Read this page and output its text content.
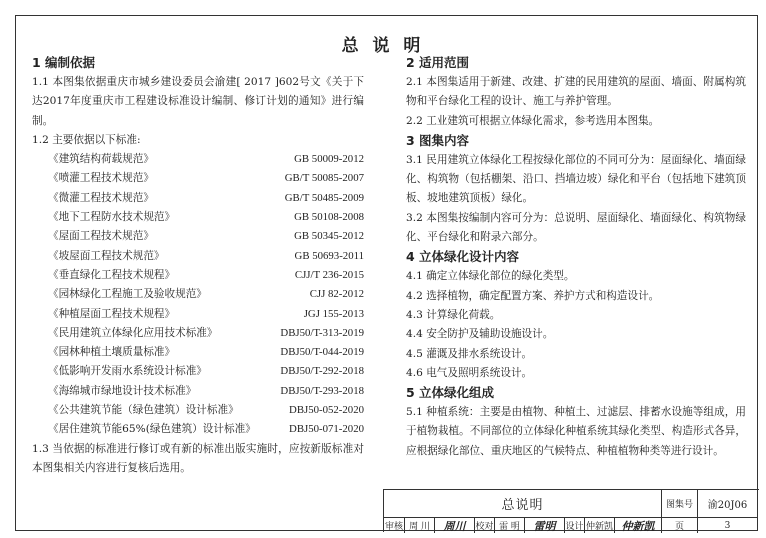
总 说 明
1 编制依据
1.1 本图集依据重庆市城乡建设委员会渝建[ 2017 ]602号文《关于下达2017年度重庆市工程建设标准设计编制、修订计划的通知》进行编制。
1.2 主要依据以下标准:
《建筑结构荷载规范》	GB 50009-2012
《喷灌工程技术规范》	GB/T 50085-2007
《微灌工程技术规范》	GB/T 50485-2009
《地下工程防水技术规范》	GB 50108-2008
《屋面工程技术规范》	GB 50345-2012
《坡屋面工程技术规范》	GB 50693-2011
《垂直绿化工程技术规程》	CJJ/T 236-2015
《园林绿化工程施工及验收规范》	CJJ 82-2012
《种植屋面工程技术规程》	JGJ 155-2013
《民用建筑立体绿化应用技术标准》	DBJ50/T-313-2019
《园林种植土壤质量标准》	DBJ50/T-044-2019
《低影响开发雨水系统设计标准》	DBJ50/T-292-2018
《海绵城市绿地设计技术标准》	DBJ50/T-293-2018
《公共建筑节能（绿色建筑）设计标准》	DBJ50-052-2020
《居住建筑节能65%(绿色建筑）设计标准》	DBJ50-071-2020
1.3 当依据的标准进行修订或有新的标准出版实施时，应按新版标准对本图集相关内容进行复核后选用。
2 适用范围
2.1 本图集适用于新建、改建、扩建的民用建筑的屋面、墙面、附属构筑物和平台绿化工程的设计、施工与养护管理。
2.2 工业建筑可根据立体绿化需求，参考选用本图集。
3 图集内容
3.1 民用建筑立体绿化工程按绿化部位的不同可分为：屋面绿化、墙面绿化、构筑物（包括棚架、沿口、挡墙边坡）绿化和平台（包括地下建筑顶板、坡地建筑顶板）绿化。
3.2 本图集按编制内容可分为：总说明、屋面绿化、墙面绿化、构筑物绿化、平台绿化和附录六部分。
4 立体绿化设计内容
4.1 确定立体绿化部位的绿化类型。
4.2 选择植物，确定配置方案、养护方式和构造设计。
4.3 计算绿化荷载。
4.4 安全防护及辅助设施设计。
4.5 灌溉及排水系统设计。
4.6 电气及照明系统设计。
5 立体绿化组成
5.1 种植系统：主要是由植物、种植土、过滤层、排蓄水设施等组成，用于植物栽植。不同部位的立体绿化种植系统其绿化类型、构造形式各异，应根据绿化部位、重庆地区的气候特点、种植植物种类等进行设计。
总说明	图集号	渝20J06
审核 周 川	周川	校对 雷 明	雷明	设计 仲新凯 仲新凯	页	3
